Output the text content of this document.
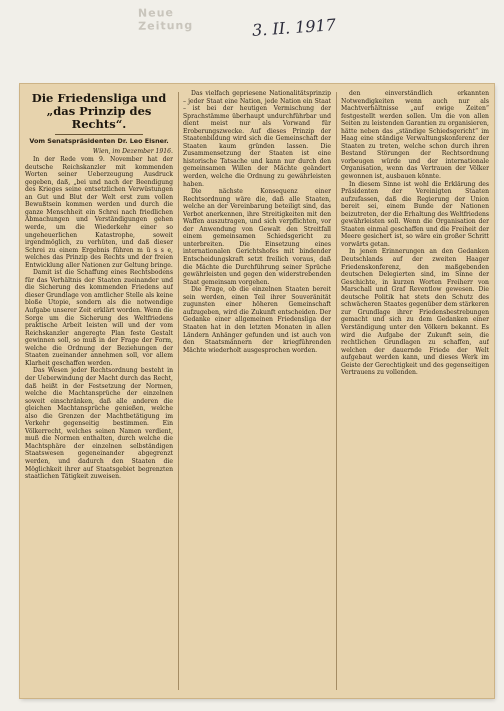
Neue Zeitung	3. II. 1917
Die Friedensliga und „das Prinzip des Rechts“.
Vom Senatspräsidenten Dr. Leo Eisner.
Wien, im Dezember 1916.

In der Rede vom 9. November hat der deutsche Reichskanzler mit kommenden Worten seiner Ueberzeugung Ausdruck gegeben, daß, „bei und nach der Beendigung des Krieges seine entsetzlichen Verwüstungen an Gut und Blut der Welt erst zum vollen Bewußtsein kommen werden und durch die ganze Menschheit ein Schrei nach friedlichen Abmachungen und Verständigungen gehen werde, um die Wiederkehr einer so ungeheuerlichen Katastrophe, soweit irgendmöglich, zu verhüten, und daß dieser Schrei zu einem Ergebnis führen m ü s s e, welches das Prinzip des Rechts und der freien Entwicklung aller Nationen zur Geltung bringe.

Damit ist die Schaffung eines Rechtsbodens für das Verhältnis der Staaten zueinander und die Sicherung des kommenden Friedens auf dieser Grundlage von amtlicher Stelle als keine bloße Utopie, sondern als die notwendige Aufgabe unserer Zeit erklärt worden. Wenn die Sorge um die Sicherung des Weltfriedens praktische Arbeit leisten will und der vom Reichskanzler angeregte Plan feste Gestalt gewinnen soll, so muß in der Frage der Form, welche die Ordnung der Beziehungen der Staaten zueinander annehmen soll, vor allem Klarheit geschaffen werden.

Das Wesen jeder Rechtsordnung besteht in der Ueberwindung der Macht durch das Recht, daß heißt in der Festsetzung der Normen, welche die Machtansprüche der einzelnen soweit einschränken, daß alle anderen die gleichen Machtansprüche genießen, welche also die Grenzen der Machtbetätigung im Verkehr gegenseitig bestimmen. Ein Völkerrecht, welches seinen Namen verdient, muß die Normen enthalten, durch welche die Machtsphäre der einzelnen selbständigen Staatswesen gegeneinander abgegrenzt werden, und dadurch den Staaten die Möglichkeit ihrer auf Staatsgebiet begrenzten staatlichen Tätigkeit zuweisen.

Das vielfach gepriesene Nationalitätsprinzip – jeder Staat eine Nation, jede Nation ein Staat – ist bei der heutigen Vermischung der Sprachstämme überhaupt undurchführbar und dient meist nur als Vorwand für Eroberungszwecke. Auf dieses Prinzip der Staatenbildung wird sich die Gemeinschaft der Staaten kaum gründen lassen. Die Zusammensetzung der Staaten ist eine historische Tatsache und kann nur durch den gemeinsamen Willen der Mächte geändert werden, welche die Ordnung zu gewährleisten haben.

Die nächste Konsequenz einer Rechtsordnung wäre die, daß alle Staaten, welche an der Vereinbarung beteiligt sind, das Verbot anerkennen, ihre Streitigkeiten mit den Waffen auszutragen, und sich verpflichten, vor der Anwendung von Gewalt den Streitfall einem gemeinsamen Schiedsgericht zu unterbreiten. Die Einsetzung eines internationalen Gerichtshofes mit bindender Entscheidungskraft setzt freilich voraus, daß die Mächte die Durchführung seiner Sprüche gewährleisten und gegen den widerstrebenden Staat gemeinsam vorgehen.

Die Frage, ob die einzelnen Staaten bereit sein werden, einen Teil ihrer Souveränität zugunsten einer höheren Gemeinschaft aufzugeben, wird die Zukunft entscheiden. Der Gedanke einer allgemeinen Friedensliga der Staaten hat in den letzten Monaten in allen Ländern Anhänger gefunden und ist auch von den Staatsmännern der kriegführenden Mächte wiederholt ausgesprochen worden.

den einverständlich erkannten Notwendigkeiten wenn auch nur als Machtverhältnisse „auf ewige Zeiten“ festgestellt werden sollen. Um die von allen Seiten zu leistenden Garantien zu organisieren, hätte neben das „ständige Schiedsgericht“ im Haag eine ständige Verwaltungskonferenz der Staaten zu treten, welche schon durch ihren Bestand Störungen der Rechtsordnung vorbeugen würde und der internationale Organisation, wenn das Vertrauen der Völker gewonnen ist, ausbauen könnte.

In diesem Sinne ist wohl die Erklärung des Präsidenten der Vereinigten Staaten aufzufassen, daß die Regierung der Union bereit sei, einem Bunde der Nationen beizutreten, der die Erhaltung des Weltfriedens gewährleisten soll. Wenn die Organisation der Staaten einmal geschaffen und die Freiheit der Meere gesichert ist, so wäre ein großer Schritt vorwärts getan.

In jenen Erinnerungen an den Gedanken Deutschlands auf der zweiten Haager Friedenskonferenz, den maßgebenden deutschen Delegierten sind, im Sinne der Geschichte, in kurzen Worten Freiherr von Marschall und Graf Reventlow gewesen. Die deutsche Politik hat stets den Schutz des schwächeren Staates gegenüber dem stärkeren zur Grundlage ihrer Friedensbestrebungen gemacht und sich zu dem Gedanken einer Verständigung unter den Völkern bekannt. Es wird die Aufgabe der Zukunft sein, die rechtlichen Grundlagen zu schaffen, auf welchen der dauernde Friede der Welt aufgebaut werden kann, und dieses Werk im Geiste der Gerechtigkeit und des gegenseitigen Vertrauens zu vollenden.
